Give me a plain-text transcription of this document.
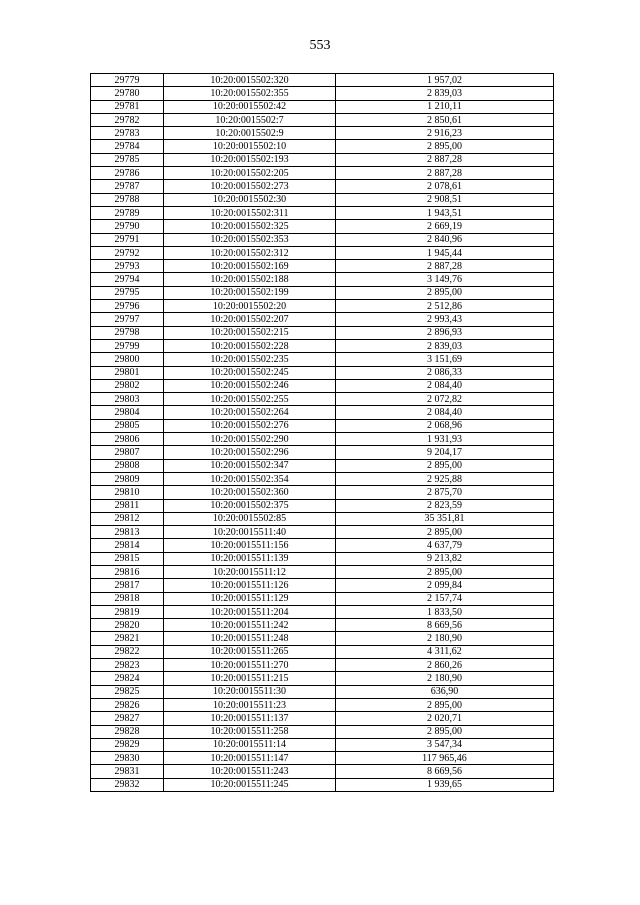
553
29779	10:20:0015502:320	1 957,02
29780	10:20:0015502:355	2 839,03
29781	10:20:0015502:42	1 210,11
29782	10:20:0015502:7	2 850,61
29783	10:20:0015502:9	2 916,23
29784	10:20:0015502:10	2 895,00
29785	10:20:0015502:193	2 887,28
29786	10:20:0015502:205	2 887,28
29787	10:20:0015502:273	2 078,61
29788	10:20:0015502:30	2 908,51
29789	10:20:0015502:311	1 943,51
29790	10:20:0015502:325	2 669,19
29791	10:20:0015502:353	2 840,96
29792	10:20:0015502:312	1 945,44
29793	10:20:0015502:169	2 887,28
29794	10:20:0015502:188	3 149,76
29795	10:20:0015502:199	2 895,00
29796	10:20:0015502:20	2 512,86
29797	10:20:0015502:207	2 993,43
29798	10:20:0015502:215	2 896,93
29799	10:20:0015502:228	2 839,03
29800	10:20:0015502:235	3 151,69
29801	10:20:0015502:245	2 086,33
29802	10:20:0015502:246	2 084,40
29803	10:20:0015502:255	2 072,82
29804	10:20:0015502:264	2 084,40
29805	10:20:0015502:276	2 068,96
29806	10:20:0015502:290	1 931,93
29807	10:20:0015502:296	9 204,17
29808	10:20:0015502:347	2 895,00
29809	10:20:0015502:354	2 925,88
29810	10:20:0015502:360	2 875,70
29811	10:20:0015502:375	2 823,59
29812	10:20:0015502:85	35 351,81
29813	10:20:0015511:40	2 895,00
29814	10:20:0015511:156	4 637,79
29815	10:20:0015511:139	9 213,82
29816	10:20:0015511:12	2 895,00
29817	10:20:0015511:126	2 099,84
29818	10:20:0015511:129	2 157,74
29819	10:20:0015511:204	1 833,50
29820	10:20:0015511:242	8 669,56
29821	10:20:0015511:248	2 180,90
29822	10:20:0015511:265	4 311,62
29823	10:20:0015511:270	2 860,26
29824	10:20:0015511:215	2 180,90
29825	10:20:0015511:30	636,90
29826	10:20:0015511:23	2 895,00
29827	10:20:0015511:137	2 020,71
29828	10:20:0015511:258	2 895,00
29829	10:20:0015511:14	3 547,34
29830	10:20:0015511:147	117 965,46
29831	10:20:0015511:243	8 669,56
29832	10:20:0015511:245	1 939,65
